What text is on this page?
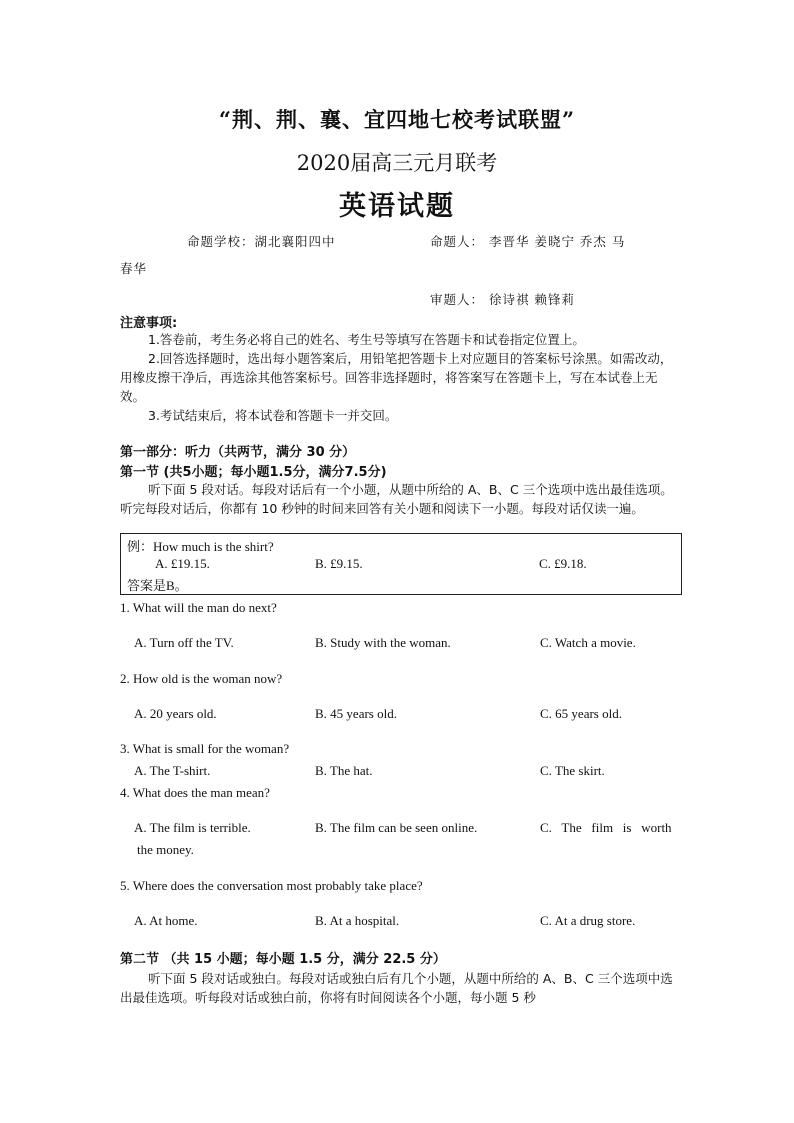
“荆、荆、襄、宜四地七校考试联盟”
2020届高三元月联考
英语试题
命题学校：湖北襄阳四中	命题人： 李晋华 姜晓宁 乔杰 马
春华
审题人： 徐诗祺 赖锋莉
注意事项:

1.答卷前，考生务必将自己的姓名、考生号等填写在答题卡和试卷指定位置上。

2.回答选择题时，选出每小题答案后，用铅笔把答题卡上对应题目的答案标号涂黑。如需改动，用橡皮擦干净后，再选涂其他答案标号。回答非选择题时，将答案写在答题卡上，写在本试卷上无效。

3.考试结束后，将本试卷和答题卡一并交回。

第一部分：听力（共两节，满分 30 分）
第一节 (共5小题；每小题1.5分，满分7.5分)

听下面 5 段对话。每段对话后有一个小题，从题中所给的 A、B、C 三个选项中选出最佳选项。听完每段对话后，你都有 10 秒钟的时间来回答有关小题和阅读下一小题。每段对话仅读一遍。

例：How much is the shirt?
A. £19.15.	B. £9.15.	C. £9.18.
答案是B。
1. What will the man do next?
A. Turn off the TV.	B. Study with the woman.	C. Watch a movie.
2. How old is the woman now?
A. 20 years old.	B. 45 years old.	C. 65 years old.
3. What is small for the woman?
A. The T-shirt.	B. The hat.	C. The skirt.
4. What does the man mean?
A. The film is terrible.	B. The film can be seen online.	C.   The   film   is   worth
the money.
5. Where does the conversation most probably take place?
A. At home.	B. At a hospital.	C. At a drug store.
第二节 （共 15 小题；每小题 1.5 分，满分 22.5 分）

听下面 5 段对话或独白。每段对话或独白后有几个小题，从题中所给的 A、B、C 三个选项中选出最佳选项。听每段对话或独白前，你将有时间阅读各个小题，每小题 5 秒
